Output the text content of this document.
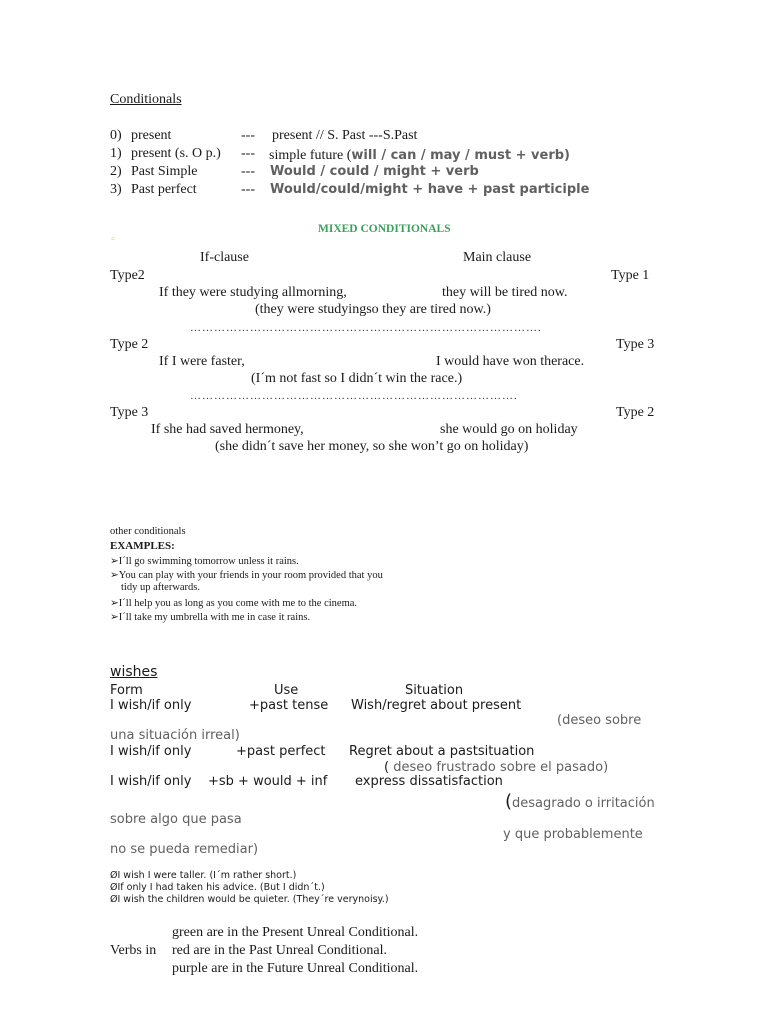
Conditionals
0) present	--- present // S. Past ---S.Past
1) present (s. O p.) --- simple future (will / can / may / must + verb)
2) Past Simple	--- Would / could / might + verb
3) Past perfect	--- Would/could/might + have + past participle
MIXED CONDITIONALS
°
If-clause	Main clause
Type2	Type 1
If they were studying allmorning,	they will be tired now.
(they were studyingso they are tired now.)
…………………………………………………………………………….
Type 2	Type 3
If I were faster,	I would have won therace.
(I´m not fast so I didn´t win the race.)
……………………………………………………………………….
Type 3	Type 2
If she had saved hermoney,	she would go on holiday
(she didn´t save her money, so she won’t go on holiday)
other conditionals
EXAMPLES:
➢I´ll go swimming tomorrow unless it rains.
➢You can play with your friends in your room provided that you
tidy up afterwards.
➢I´ll help you as long as you come with me to the cinema.
➢I´ll take my umbrella with me in case it rains.
wishes
Form	Use	Situation
I wish/if only	+past tense Wish/regret about present
(deseo sobre
una situación irreal)
I wish/if only	+past perfect Regret about a pastsituation
( deseo frustrado sobre el pasado)
I wish/if only +sb + would + inf express dissatisfaction
(desagrado o irritación
sobre algo que pasa
y que probablemente
no se pueda remediar)
ØI wish I were taller. (I´m rather short.)
ØIf only I had taken his advice. (But I didn´t.)
ØI wish the children would be quieter. (They´re verynoisy.)
Verbs in
green are in the Present Unreal Conditional.
red are in the Past Unreal Conditional.
purple are in the Future Unreal Conditional.
